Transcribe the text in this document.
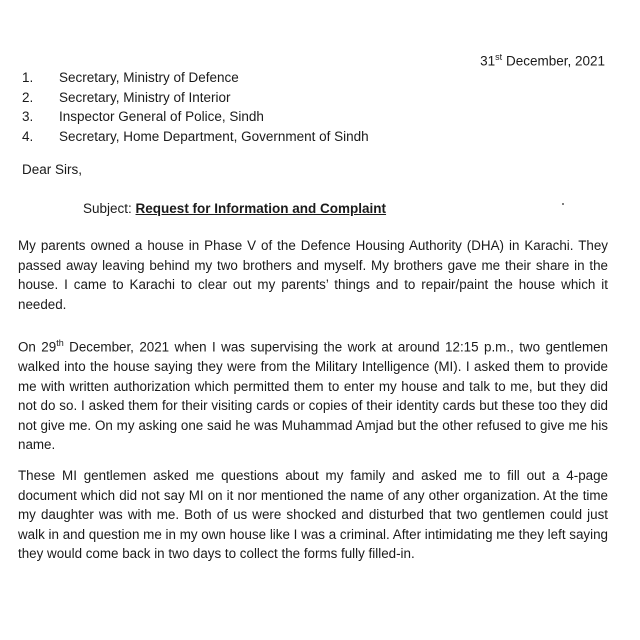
31st December, 2021
1.	Secretary, Ministry of Defence
2.	Secretary, Ministry of Interior
3.	Inspector General of Police, Sindh
4.	Secretary, Home Department, Government of Sindh
Dear Sirs,
Subject: Request for Information and Complaint

My parents owned a house in Phase V of the Defence Housing Authority (DHA) in Karachi. They passed away leaving behind my two brothers and myself. My brothers gave me their share in the house. I came to Karachi to clear out my parents’ things and to repair/paint the house which it needed.

On 29th December, 2021 when I was supervising the work at around 12:15 p.m., two gentlemen walked into the house saying they were from the Military Intelligence (MI). I asked them to provide me with written authorization which permitted them to enter my house and talk to me, but they did not do so. I asked them for their visiting cards or copies of their identity cards but these too they did not give me. On my asking one said he was Muhammad Amjad but the other refused to give me his name.

These MI gentlemen asked me questions about my family and asked me to fill out a 4-page document which did not say MI on it nor mentioned the name of any other organization. At the time my daughter was with me. Both of us were shocked and disturbed that two gentlemen could just walk in and question me in my own house like I was a criminal. After intimidating me they left saying they would come back in two days to collect the forms fully filled-in.
